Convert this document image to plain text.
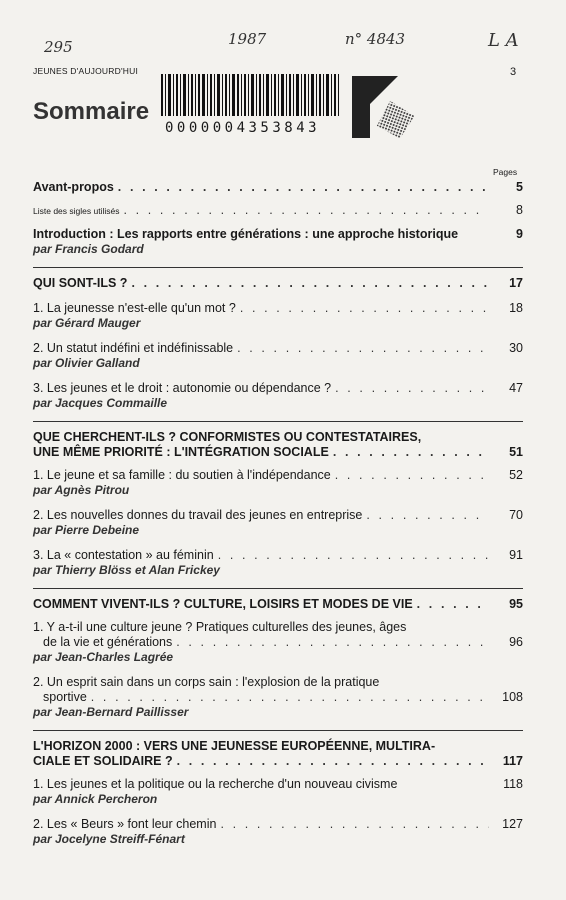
295	1987	n° 4843	L A
JEUNES D'AUJOURD'HUI	3
Sommaire
0000004353843
Pages
Avant-propos . . .	5
Liste des sigles utilisés . . .	8
Introduction : Les rapports entre générations : une approche historique	9
par Francis Godard
QUI SONT-ILS ? . . .	17
1. La jeunesse n'est-elle qu'un mot ? . . .	18
par Gérard Mauger
2. Un statut indéfini et indéfinissable . . .	30
par Olivier Galland
3. Les jeunes et le droit : autonomie ou dépendance ? . . .	47
par Jacques Commaille
QUE CHERCHENT-ILS ? CONFORMISTES OU CONTESTATAIRES,
UNE MÊME PRIORITÉ : L'INTÉGRATION SOCIALE . . .	51
1. Le jeune et sa famille : du soutien à l'indépendance . . .	52
par Agnès Pitrou
2. Les nouvelles donnes du travail des jeunes en entreprise . . .	70
par Pierre Debeine
3. La « contestation » au féminin . . .	91
par Thierry Blöss et Alan Frickey
COMMENT VIVENT-ILS ? CULTURE, LOISIRS ET MODES DE VIE . . .	95
1. Y a-t-il une culture jeune ? Pratiques culturelles des jeunes, âges
de la vie et générations . . .	96
par Jean-Charles Lagrée
2. Un esprit sain dans un corps sain : l'explosion de la pratique
sportive . . .	108
par Jean-Bernard Paillisser
L'HORIZON 2000 : VERS UNE JEUNESSE EUROPÉENNE, MULTIRA-
CIALE ET SOLIDAIRE ? . . .	117
1. Les jeunes et la politique ou la recherche d'un nouveau civisme	118
par Annick Percheron
2. Les « Beurs » font leur chemin . . .	127
par Jocelyne Streiff-Fénart
